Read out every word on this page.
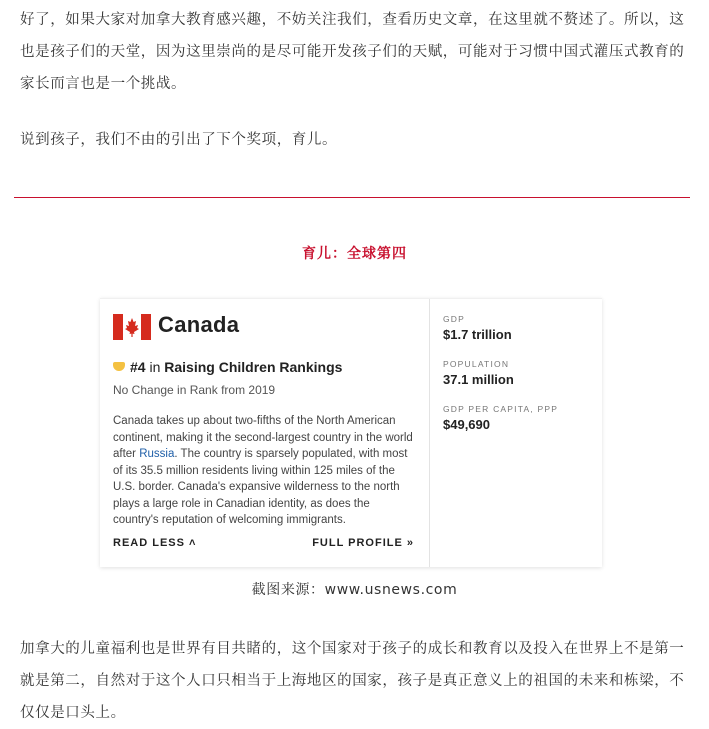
好了，如果大家对加拿大教育感兴趣，不妨关注我们，查看历史文章，在这里就不赘述了。所以，这也是孩子们的天堂，因为这里崇尚的是尽可能开发孩子们的天赋，可能对于习惯中国式灌压式教育的家长而言也是一个挑战。

说到孩子，我们不由的引出了下个奖项，育儿。

育儿：全球第四
Canada
#4 in Raising Children Rankings
No Change in Rank from 2019
Canada takes up about two-fifths of the North American continent, making it the second-largest country in the world after Russia. The country is sparsely populated, with most of its 35.5 million residents living within 125 miles of the U.S. border. Canada's expansive wilderness to the north plays a large role in Canadian identity, as does the country's reputation of welcoming immigrants.
READ LESS ˄	FULL PROFILE »
GDP
$1.7 trillion
POPULATION
37.1 million
GDP PER CAPITA, PPP
$49,690
截图来源：www.usnews.com

加拿大的儿童福利也是世界有目共睹的，这个国家对于孩子的成长和教育以及投入在世界上不是第一就是第二，自然对于这个人口只相当于上海地区的国家，孩子是真正意义上的祖国的未来和栋梁，不仅仅是口头上。
